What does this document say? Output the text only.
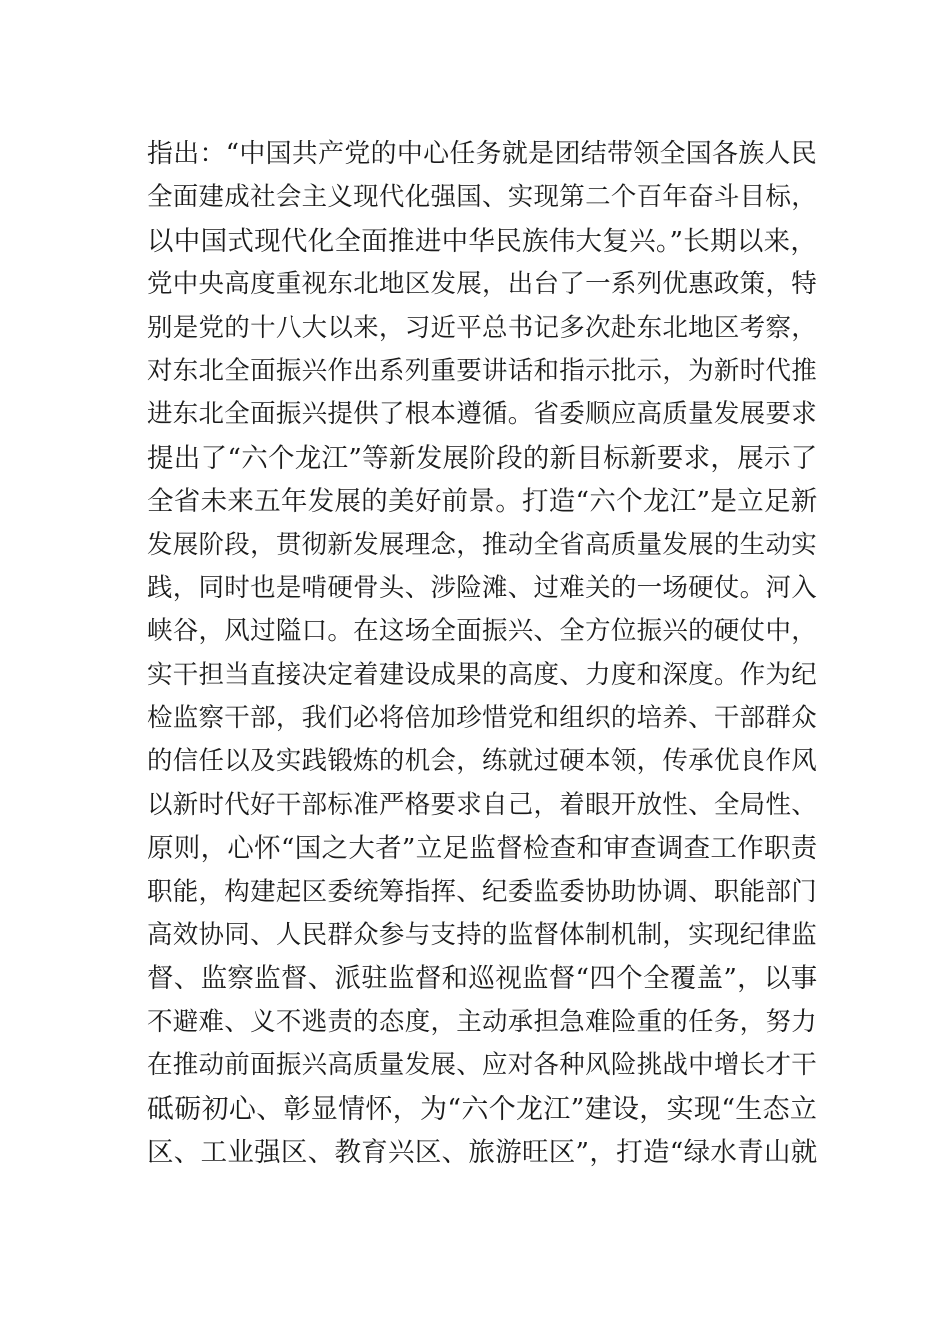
指出：“中国共产党的中心任务就是团结带领全国各族人民
全面建成社会主义现代化强国、实现第二个百年奋斗目标，
以中国式现代化全面推进中华民族伟大复兴。”长期以来，
党中央高度重视东北地区发展，出台了一系列优惠政策，特
别是党的十八大以来，习近平总书记多次赴东北地区考察，
对东北全面振兴作出系列重要讲话和指示批示，为新时代推
进东北全面振兴提供了根本遵循。省委顺应高质量发展要求
提出了“六个龙江”等新发展阶段的新目标新要求，展示了
全省未来五年发展的美好前景。打造“六个龙江”是立足新
发展阶段，贯彻新发展理念，推动全省高质量发展的生动实
践，同时也是啃硬骨头、涉险滩、过难关的一场硬仗。河入
峡谷，风过隘口。在这场全面振兴、全方位振兴的硬仗中，
实干担当直接决定着建设成果的高度、力度和深度。作为纪
检监察干部，我们必将倍加珍惜党和组织的培养、干部群众
的信任以及实践锻炼的机会，练就过硬本领，传承优良作风
以新时代好干部标准严格要求自己，着眼开放性、全局性、
原则，心怀“国之大者”立足监督检查和审查调查工作职责
职能，构建起区委统筹指挥、纪委监委协助协调、职能部门
高效协同、人民群众参与支持的监督体制机制，实现纪律监
督、监察监督、派驻监督和巡视监督“四个全覆盖”，以事
不避难、义不逃责的态度，主动承担急难险重的任务，努力
在推动前面振兴高质量发展、应对各种风险挑战中增长才干
砥砺初心、彰显情怀，为“六个龙江”建设，实现“生态立
区、工业强区、教育兴区、旅游旺区”，打造“绿水青山就
